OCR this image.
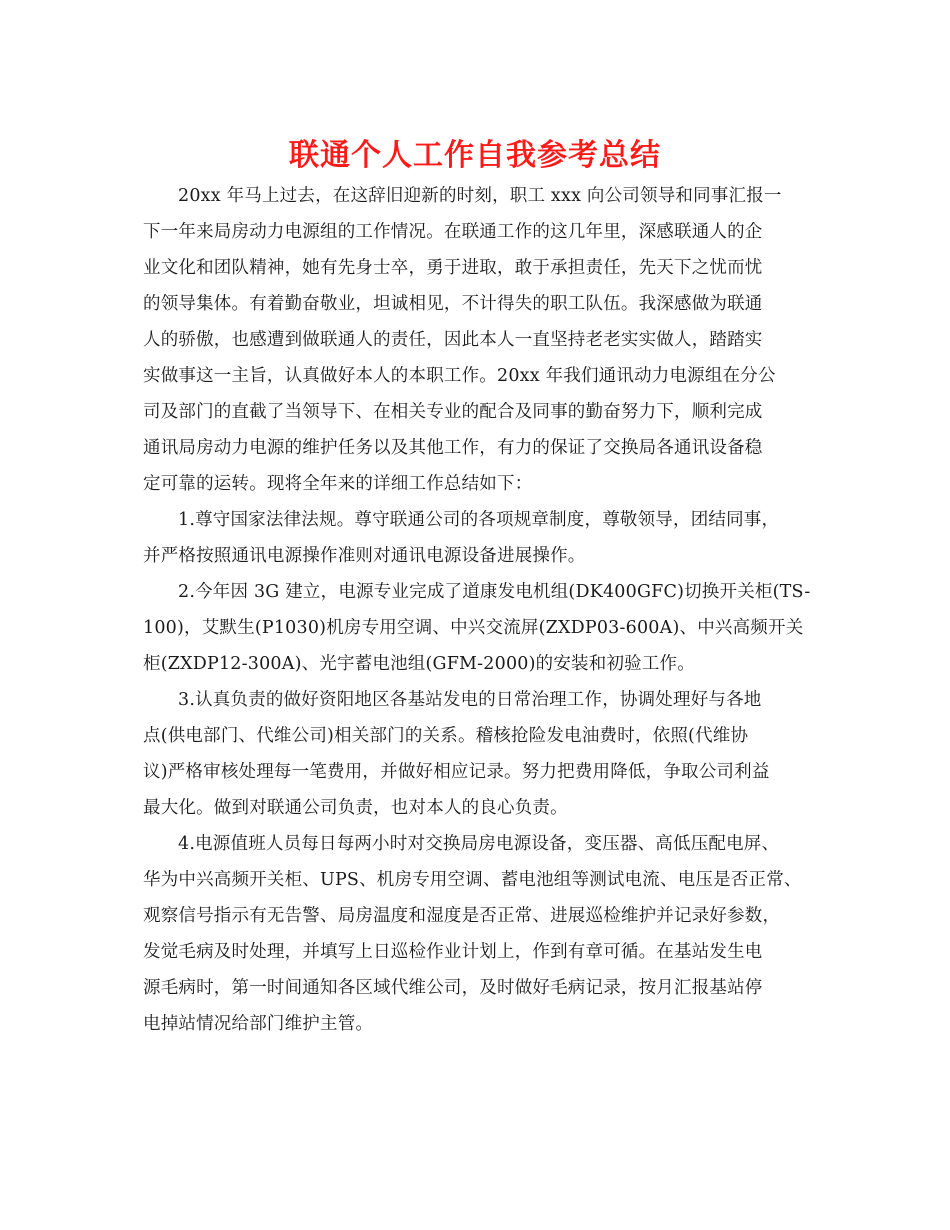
联通个人工作自我参考总结
20xx 年马上过去，在这辞旧迎新的时刻，职工 xxx 向公司领导和同事汇报一
下一年来局房动力电源组的工作情况。在联通工作的这几年里，深感联通人的企
业文化和团队精神，她有先身士卒，勇于进取，敢于承担责任，先天下之忧而忧
的领导集体。有着勤奋敬业，坦诚相见，不计得失的职工队伍。我深感做为联通
人的骄傲，也感遭到做联通人的责任，因此本人一直坚持老老实实做人，踏踏实
实做事这一主旨，认真做好本人的本职工作。20xx 年我们通讯动力电源组在分公
司及部门的直截了当领导下、在相关专业的配合及同事的勤奋努力下，顺利完成
通讯局房动力电源的维护任务以及其他工作，有力的保证了交换局各通讯设备稳
定可靠的运转。现将全年来的详细工作总结如下：
1.尊守国家法律法规。尊守联通公司的各项规章制度，尊敬领导，团结同事，
并严格按照通讯电源操作准则对通讯电源设备进展操作。
2.今年因 3G 建立，电源专业完成了道康发电机组(DK400GFC)切换开关柜(TS-
100)，艾默生(P1030)机房专用空调、中兴交流屏(ZXDP03-600A)、中兴高频开关
柜(ZXDP12-300A)、光宇蓄电池组(GFM-2000)的安装和初验工作。
3.认真负责的做好资阳地区各基站发电的日常治理工作，协调处理好与各地
点(供电部门、代维公司)相关部门的关系。稽核抢险发电油费时，依照(代维协
议)严格审核处理每一笔费用，并做好相应记录。努力把费用降低，争取公司利益
最大化。做到对联通公司负责，也对本人的良心负责。
4.电源值班人员每日每两小时对交换局房电源设备，变压器、高低压配电屏、
华为中兴高频开关柜、UPS、机房专用空调、蓄电池组等测试电流、电压是否正常、
观察信号指示有无告警、局房温度和湿度是否正常、进展巡检维护并记录好参数，
发觉毛病及时处理，并填写上日巡检作业计划上，作到有章可循。在基站发生电
源毛病时，第一时间通知各区域代维公司，及时做好毛病记录，按月汇报基站停
电掉站情况给部门维护主管。
